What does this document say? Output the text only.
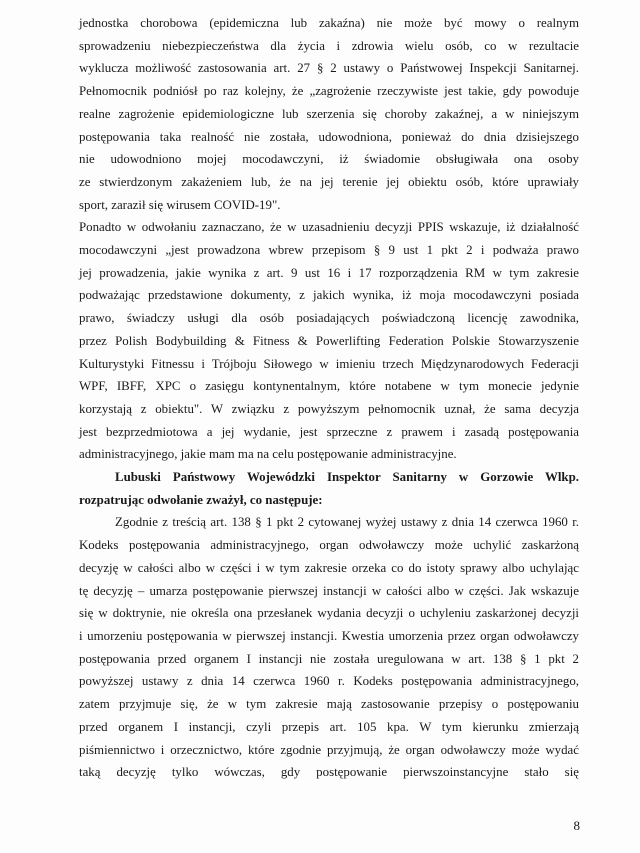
jednostka chorobowa (epidemiczna lub zakaźna) nie może być mowy o realnym

sprowadzeniu niebezpieczeństwa dla życia i zdrowia wielu osób, co w rezultacie

wyklucza możliwość zastosowania art. 27 § 2 ustawy o Państwowej Inspekcji Sanitarnej.

Pełnomocnik podniósł po raz kolejny, że „zagrożenie rzeczywiste jest takie, gdy powoduje

realne zagrożenie epidemiologiczne lub szerzenia się choroby zakaźnej, a w niniejszym

postępowania taka realność nie została, udowodniona, ponieważ do dnia dzisiejszego

nie udowodniono mojej mocodawczyni, iż świadomie obsługiwała ona osoby

ze stwierdzonym zakażeniem lub, że na jej terenie jej obiektu osób, które uprawiały

sport, zaraził się wirusem COVID-19".

Ponadto w odwołaniu zaznaczano, że w uzasadnieniu decyzji PPIS wskazuje, iż działalność

mocodawczyni „jest prowadzona wbrew przepisom § 9 ust 1 pkt 2 i podważa prawo

jej prowadzenia, jakie wynika z art. 9 ust 16 i 17 rozporządzenia RM w tym zakresie

podważając przedstawione dokumenty, z jakich wynika, iż moja mocodawczyni posiada

prawo, świadczy usługi dla osób posiadających poświadczoną licencję zawodnika,

przez Polish Bodybuilding & Fitness & Powerlifting Federation Polskie Stowarzyszenie

Kulturystyki Fitnessu i Trójboju Siłowego w imieniu trzech Międzynarodowych Federacji

WPF, IBFF, XPC o zasięgu kontynentalnym, które notabene w tym monecie jedynie

korzystają z obiektu". W związku z powyższym pełnomocnik uznał, że sama decyzja

jest bezprzedmiotowa a jej wydanie, jest sprzeczne z prawem i zasadą postępowania

administracyjnego, jakie mam ma na celu postępowanie administracyjne.

Lubuski Państwowy Wojewódzki Inspektor Sanitarny w Gorzowie Wlkp.

rozpatrując odwołanie zważył, co następuje:

Zgodnie z treścią art. 138 § 1 pkt 2 cytowanej wyżej ustawy z dnia 14 czerwca 1960 r.

Kodeks postępowania administracyjnego, organ odwoławczy może uchylić zaskarżoną

decyzję w całości albo w części i w tym zakresie orzeka co do istoty sprawy albo uchylając

tę decyzję – umarza postępowanie pierwszej instancji w całości albo w części. Jak wskazuje

się w doktrynie, nie określa ona przesłanek wydania decyzji o uchyleniu zaskarżonej decyzji

i umorzeniu postępowania w pierwszej instancji. Kwestia umorzenia przez organ odwoławczy

postępowania przed organem I instancji nie została uregulowana w art. 138 § 1 pkt 2

powyższej ustawy z dnia 14 czerwca 1960 r. Kodeks postępowania administracyjnego,

zatem przyjmuje się, że w tym zakresie mają zastosowanie przepisy o postępowaniu

przed organem I instancji, czyli przepis art. 105 kpa. W tym kierunku zmierzają

piśmiennictwo i orzecznictwo, które zgodnie przyjmują, że organ odwoławczy może wydać

taką decyzję tylko wówczas, gdy postępowanie pierwszoinstancyjne stało się

8
